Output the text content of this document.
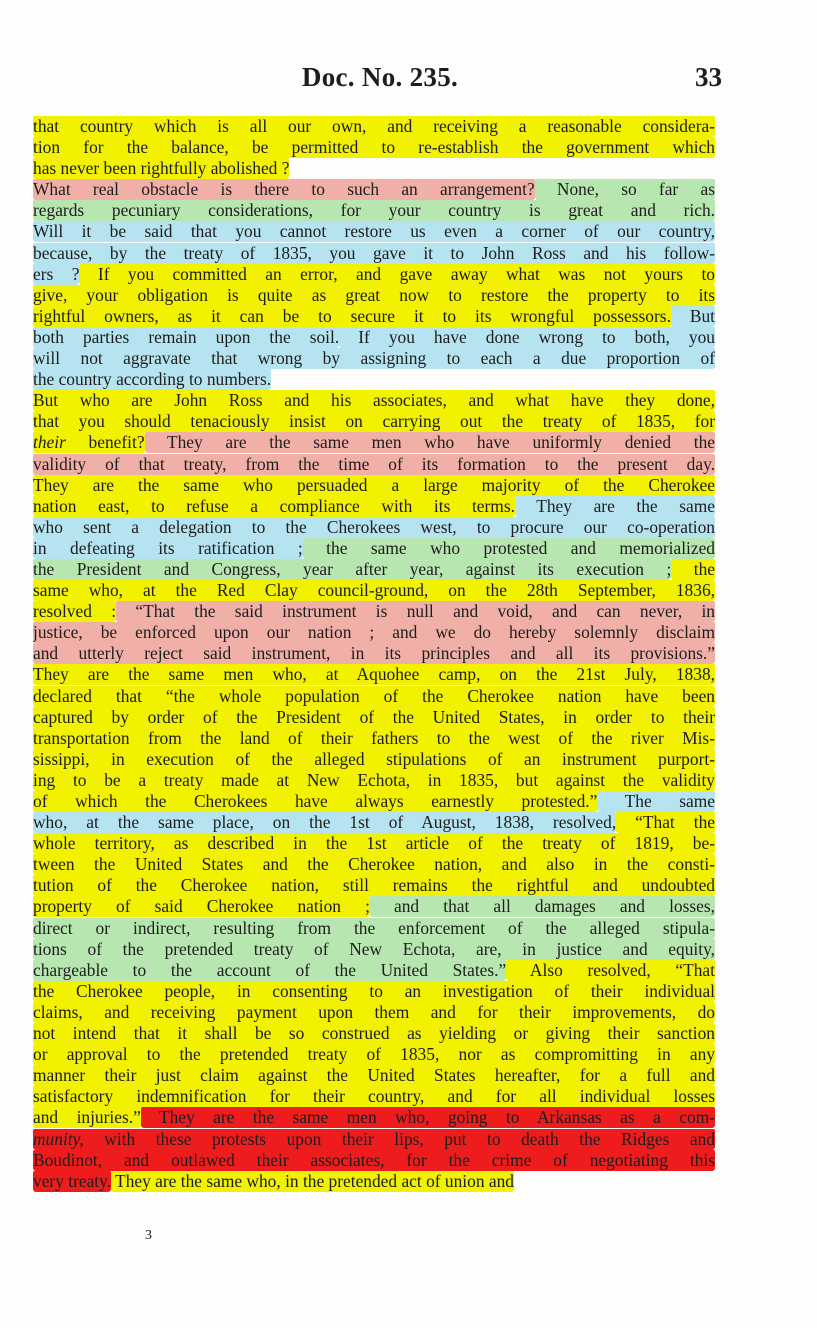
Doc. No. 235.	33
that country which is all our own, and receiving a reasonable considera-
tion for the balance, be permitted to re-establish the government which
has never been rightfully abolished ?
What real obstacle is there to such an arrangement? None, so far as
regards pecuniary considerations, for your country is great and rich.
Will it be said that you cannot restore us even a corner of our country,
because, by the treaty of 1835, you gave it to John Ross and his follow-
ers ? If you committed an error, and gave away what was not yours to
give, your obligation is quite as great now to restore the property to its
rightful owners, as it can be to secure it to its wrongful possessors. But
both parties remain upon the soil. If you have done wrong to both, you
will not aggravate that wrong by assigning to each a due proportion of
the country according to numbers.
But who are John Ross and his associates, and what have they done,
that you should tenaciously insist on carrying out the treaty of 1835, for
their benefit? They are the same men who have uniformly denied the
validity of that treaty, from the time of its formation to the present day.
They are the same who persuaded a large majority of the Cherokee
nation east, to refuse a compliance with its terms. They are the same
who sent a delegation to the Cherokees west, to procure our co-operation
in defeating its ratification ; the same who protested and memorialized
the President and Congress, year after year, against its execution ; the
same who, at the Red Clay council-ground, on the 28th September, 1836,
resolved : “That the said instrument is null and void, and can never, in
justice, be enforced upon our nation ; and we do hereby solemnly disclaim
and utterly reject said instrument, in its principles and all its provisions.”
They are the same men who, at Aquohee camp, on the 21st July, 1838,
declared that “the whole population of the Cherokee nation have been
captured by order of the President of the United States, in order to their
transportation from the land of their fathers to the west of the river Mis-
sissippi, in execution of the alleged stipulations of an instrument purport-
ing to be a treaty made at New Echota, in 1835, but against the validity
of which the Cherokees have always earnestly protested.” The same
who, at the same place, on the 1st of August, 1838, resolved, “That the
whole territory, as described in the 1st article of the treaty of 1819, be-
tween the United States and the Cherokee nation, and also in the consti-
tution of the Cherokee nation, still remains the rightful and undoubted
property of said Cherokee nation ; and that all damages and losses,
direct or indirect, resulting from the enforcement of the alleged stipula-
tions of the pretended treaty of New Echota, are, in justice and equity,
chargeable to the account of the United States.” Also resolved, “That
the Cherokee people, in consenting to an investigation of their individual
claims, and receiving payment upon them and for their improvements, do
not intend that it shall be so construed as yielding or giving their sanction
or approval to the pretended treaty of 1835, nor as compromitting in any
manner their just claim against the United States hereafter, for a full and
satisfactory indemnification for their country, and for all individual losses
and injuries.” They are the same men who, going to Arkansas as a com-
munity, with these protests upon their lips, put to death the Ridges and
Boudinot, and outlawed their associates, for the crime of negotiating this
very treaty. They are the same who, in the pretended act of union and
3
